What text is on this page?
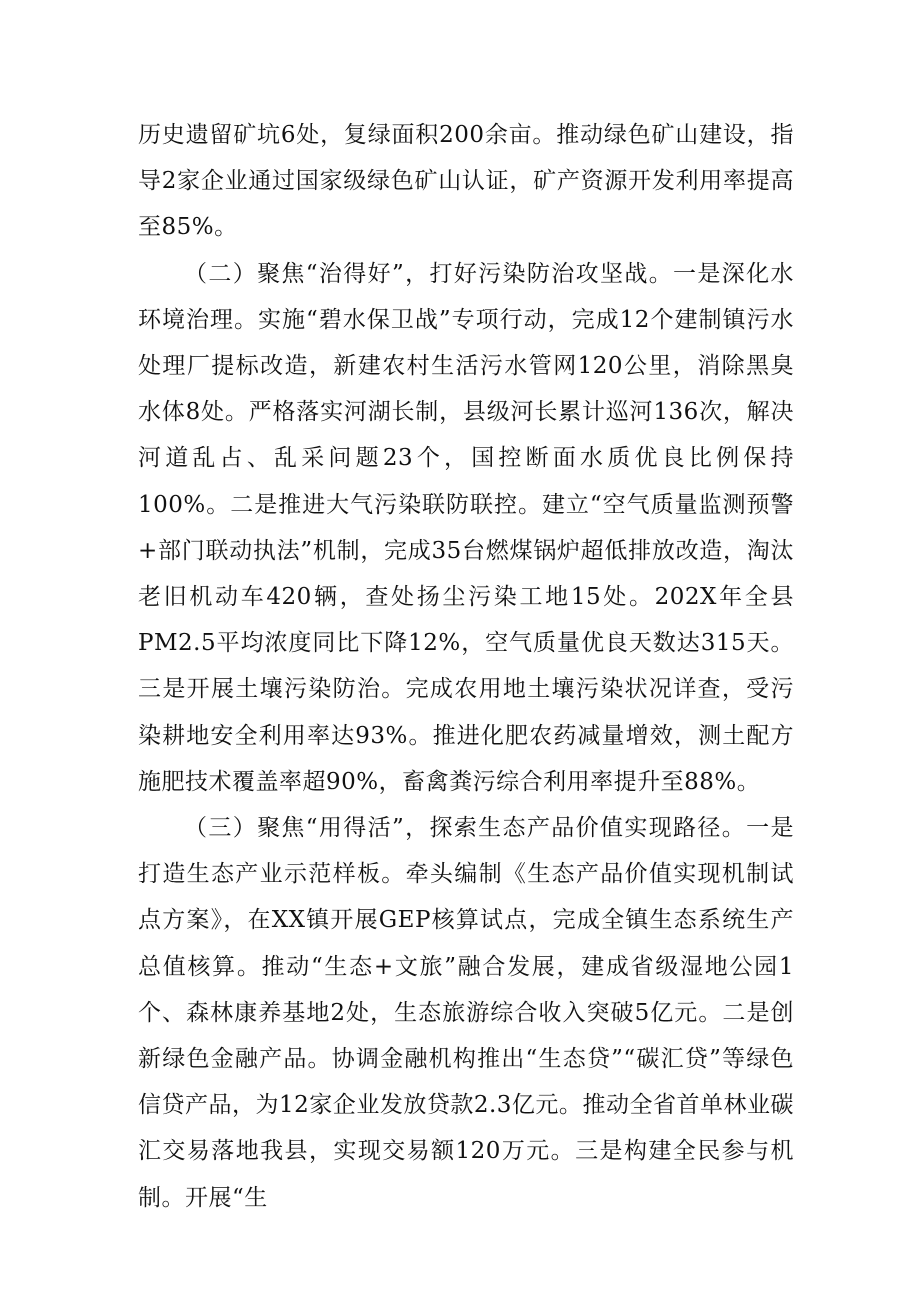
历史遗留矿坑6处，复绿面积200余亩。推动绿色矿山建设，指导2家企业通过国家级绿色矿山认证，矿产资源开发利用率提高至85%。

（二）聚焦“治得好”，打好污染防治攻坚战。一是深化水环境治理。实施“碧水保卫战”专项行动，完成12个建制镇污水处理厂提标改造，新建农村生活污水管网120公里，消除黑臭水体8处。严格落实河湖长制，县级河长累计巡河136次，解决河道乱占、乱采问题23个，国控断面水质优良比例保持100%。二是推进大气污染联防联控。建立“空气质量监测预警+部门联动执法”机制，完成35台燃煤锅炉超低排放改造，淘汰老旧机动车420辆，查处扬尘污染工地15处。202X年全县PM2.5平均浓度同比下降12%，空气质量优良天数达315天。三是开展土壤污染防治。完成农用地土壤污染状况详查，受污染耕地安全利用率达93%。推进化肥农药减量增效，测土配方施肥技术覆盖率超90%，畜禽粪污综合利用率提升至88%。

（三）聚焦“用得活”，探索生态产品价值实现路径。一是打造生态产业示范样板。牵头编制《生态产品价值实现机制试点方案》，在XX镇开展GEP核算试点，完成全镇生态系统生产总值核算。推动“生态+文旅”融合发展，建成省级湿地公园1个、森林康养基地2处，生态旅游综合收入突破5亿元。二是创新绿色金融产品。协调金融机构推出“生态贷”“碳汇贷”等绿色信贷产品，为12家企业发放贷款2.3亿元。推动全省首单林业碳汇交易落地我县，实现交易额120万元。三是构建全民参与机制。开展“生
